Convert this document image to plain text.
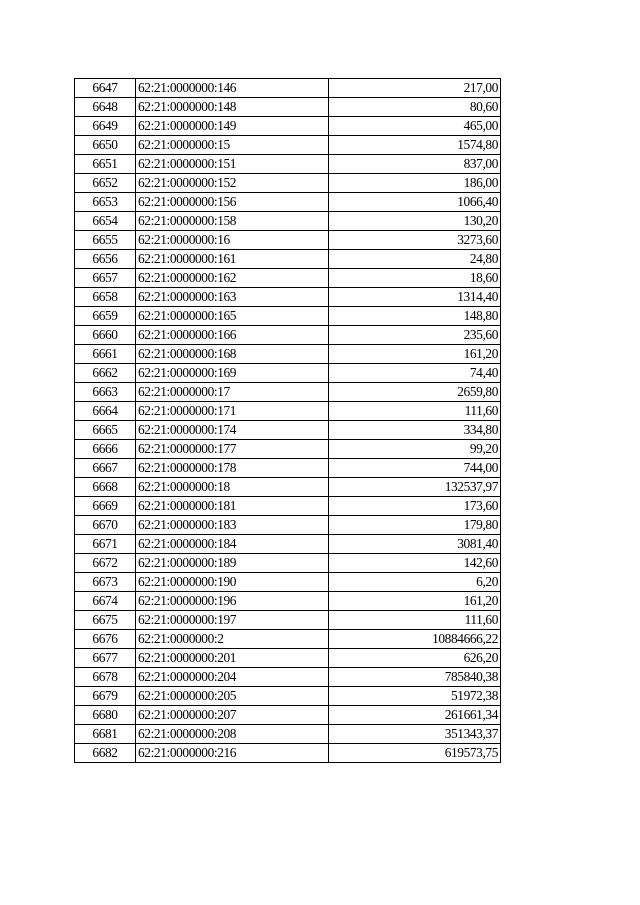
6647	62:21:0000000:146	217,00
6648	62:21:0000000:148	80,60
6649	62:21:0000000:149	465,00
6650	62:21:0000000:15	1574,80
6651	62:21:0000000:151	837,00
6652	62:21:0000000:152	186,00
6653	62:21:0000000:156	1066,40
6654	62:21:0000000:158	130,20
6655	62:21:0000000:16	3273,60
6656	62:21:0000000:161	24,80
6657	62:21:0000000:162	18,60
6658	62:21:0000000:163	1314,40
6659	62:21:0000000:165	148,80
6660	62:21:0000000:166	235,60
6661	62:21:0000000:168	161,20
6662	62:21:0000000:169	74,40
6663	62:21:0000000:17	2659,80
6664	62:21:0000000:171	111,60
6665	62:21:0000000:174	334,80
6666	62:21:0000000:177	99,20
6667	62:21:0000000:178	744,00
6668	62:21:0000000:18	132537,97
6669	62:21:0000000:181	173,60
6670	62:21:0000000:183	179,80
6671	62:21:0000000:184	3081,40
6672	62:21:0000000:189	142,60
6673	62:21:0000000:190	6,20
6674	62:21:0000000:196	161,20
6675	62:21:0000000:197	111,60
6676	62:21:0000000:2	10884666,22
6677	62:21:0000000:201	626,20
6678	62:21:0000000:204	785840,38
6679	62:21:0000000:205	51972,38
6680	62:21:0000000:207	261661,34
6681	62:21:0000000:208	351343,37
6682	62:21:0000000:216	619573,75
